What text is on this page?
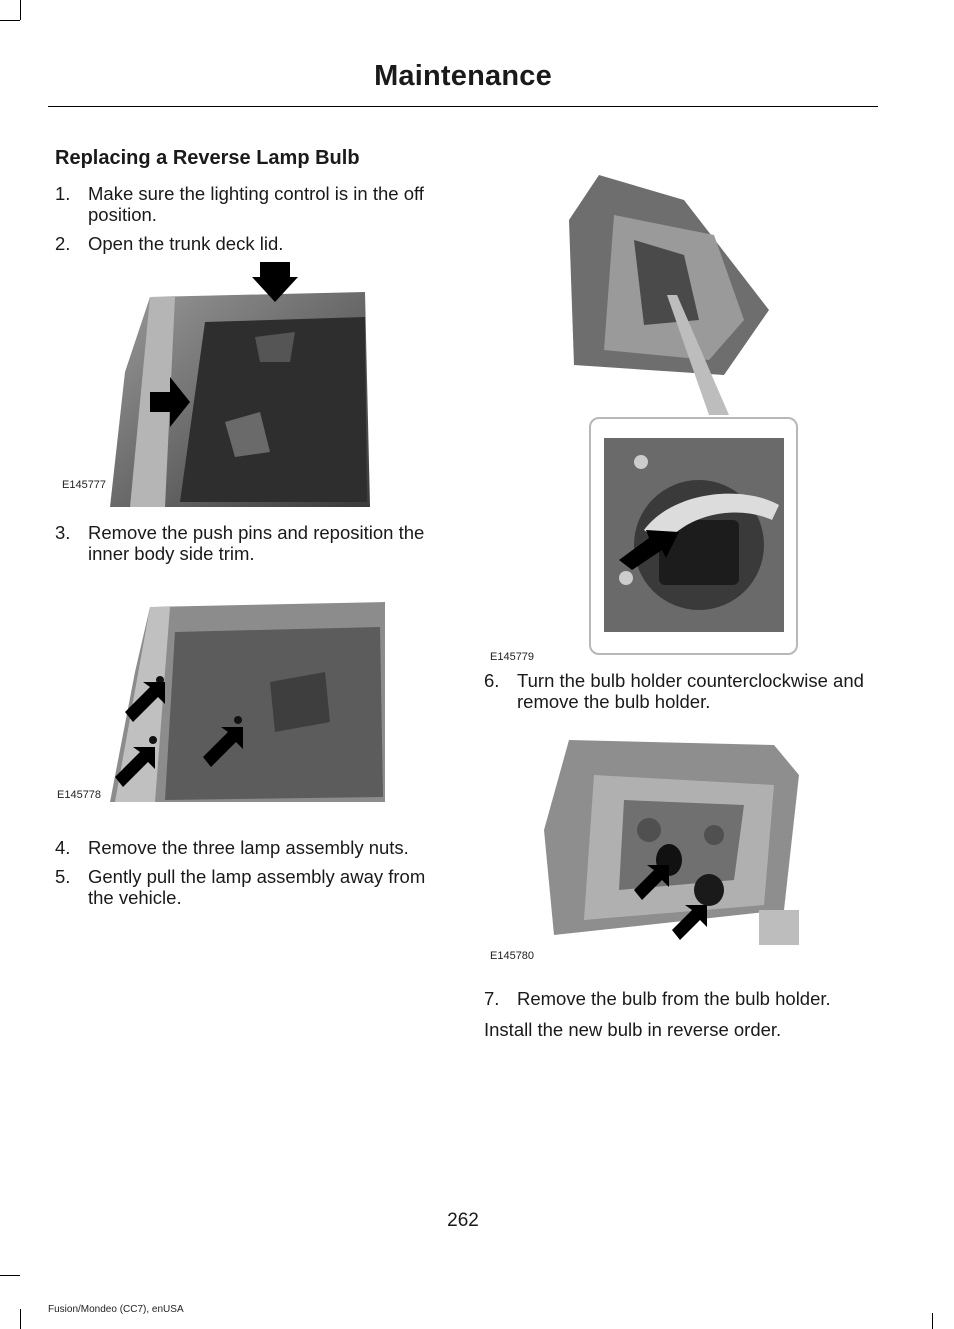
Maintenance
Replacing a Reverse Lamp Bulb
1. Make sure the lighting control is in the off position.
2. Open the trunk deck lid.
E145777
3. Remove the push pins and reposition the inner body side trim.
E145778
4. Remove the three lamp assembly nuts.
5. Gently pull the lamp assembly away from the vehicle.
E145779
6. Turn the bulb holder counterclockwise and remove the bulb holder.
E145780
7. Remove the bulb from the bulb holder.
Install the new bulb in reverse order.
262
Fusion/Mondeo (CC7), enUSA
